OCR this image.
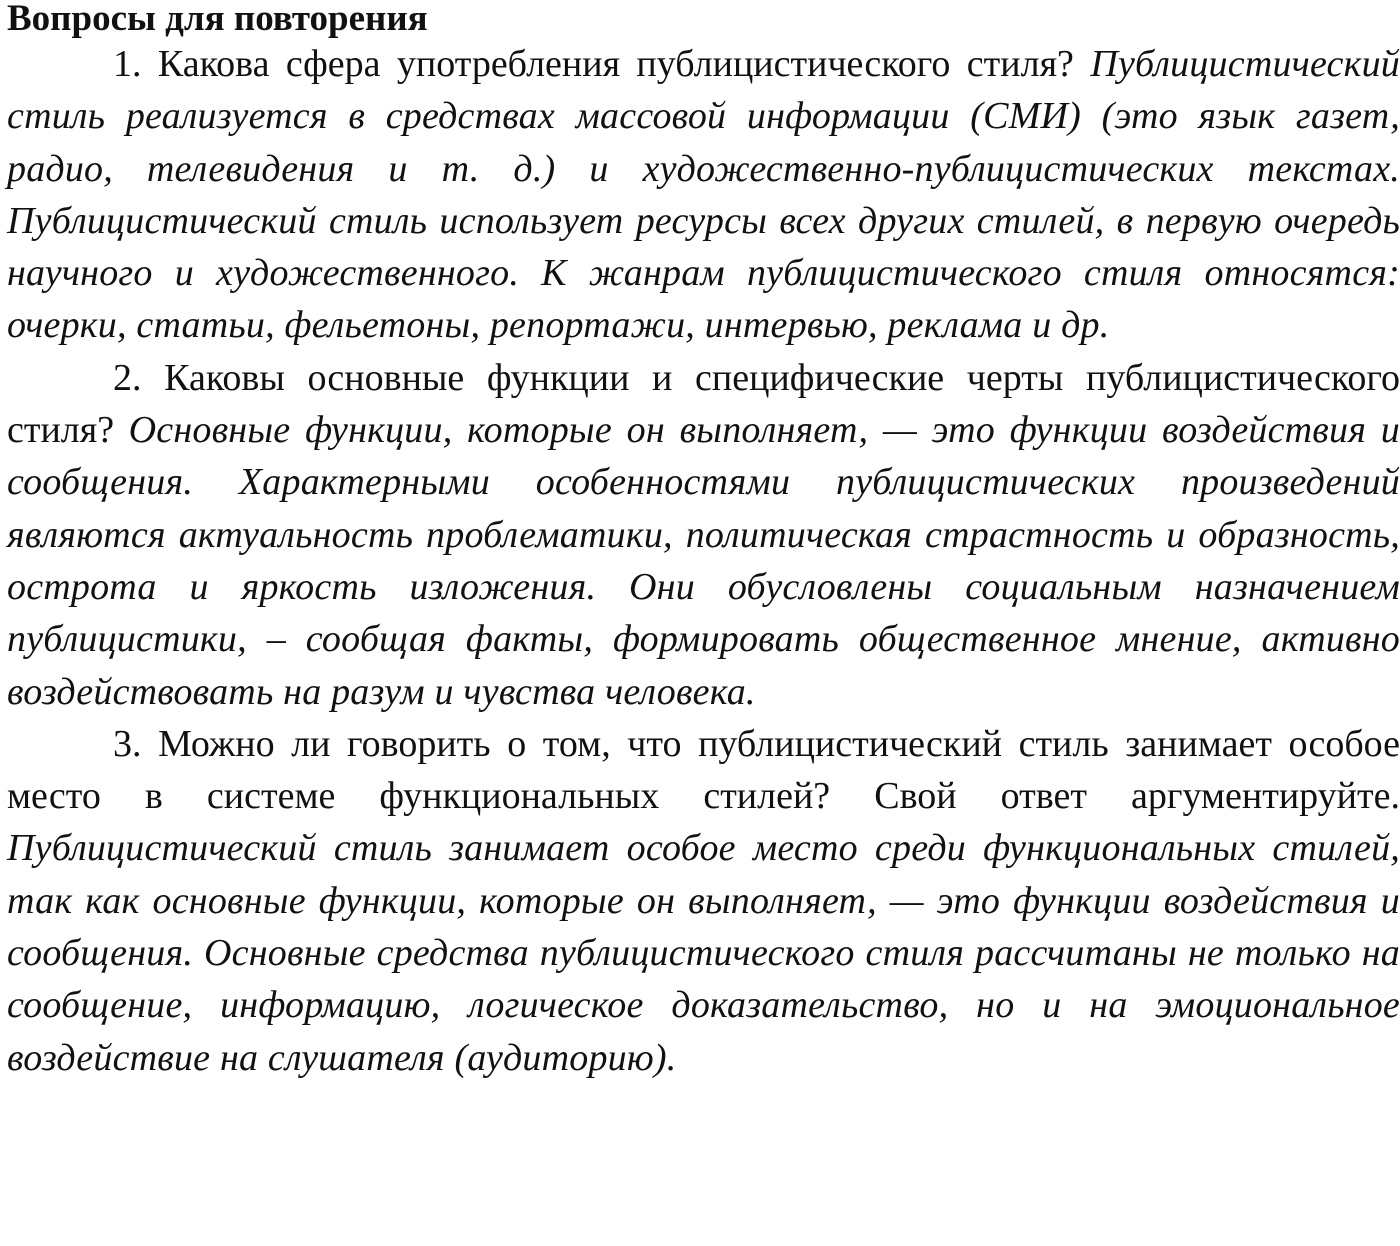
Вопросы для повторения

1. Какова сфера употребления публицистического стиля? Публицистический стиль реализуется в средствах массовой информации (СМИ) (это язык газет, радио, телевидения и т. д.) и художественно-публицистических текстах. Публицистический стиль использует ресурсы всех других стилей, в первую очередь научного и художественного. К жанрам публицистического стиля относятся: очерки, статьи, фельетоны, репортажи, интервью, реклама и др.

2. Каковы основные функции и специфические черты публицистического стиля? Основные функции, которые он выполняет, — это функции воздействия и сообщения. Характерными особенностями публицистических произведений являются актуальность проблематики, политическая страстность и образность, острота и яркость изложения. Они обусловлены социальным назначением публицистики, – сообщая факты, формировать общественное мнение, активно воздействовать на разум и чувства человека.

3. Можно ли говорить о том, что публицистический стиль занимает особое место в системе функциональных стилей? Свой ответ аргументируйте. Публицистический стиль занимает особое место среди функциональных стилей, так как основные функции, которые он выполняет, — это функции воздействия и сообщения. Основные средства публицистического стиля рассчитаны не только на сообщение, информацию, логическое доказательство, но и на эмоциональное воздействие на слушателя (аудиторию).
